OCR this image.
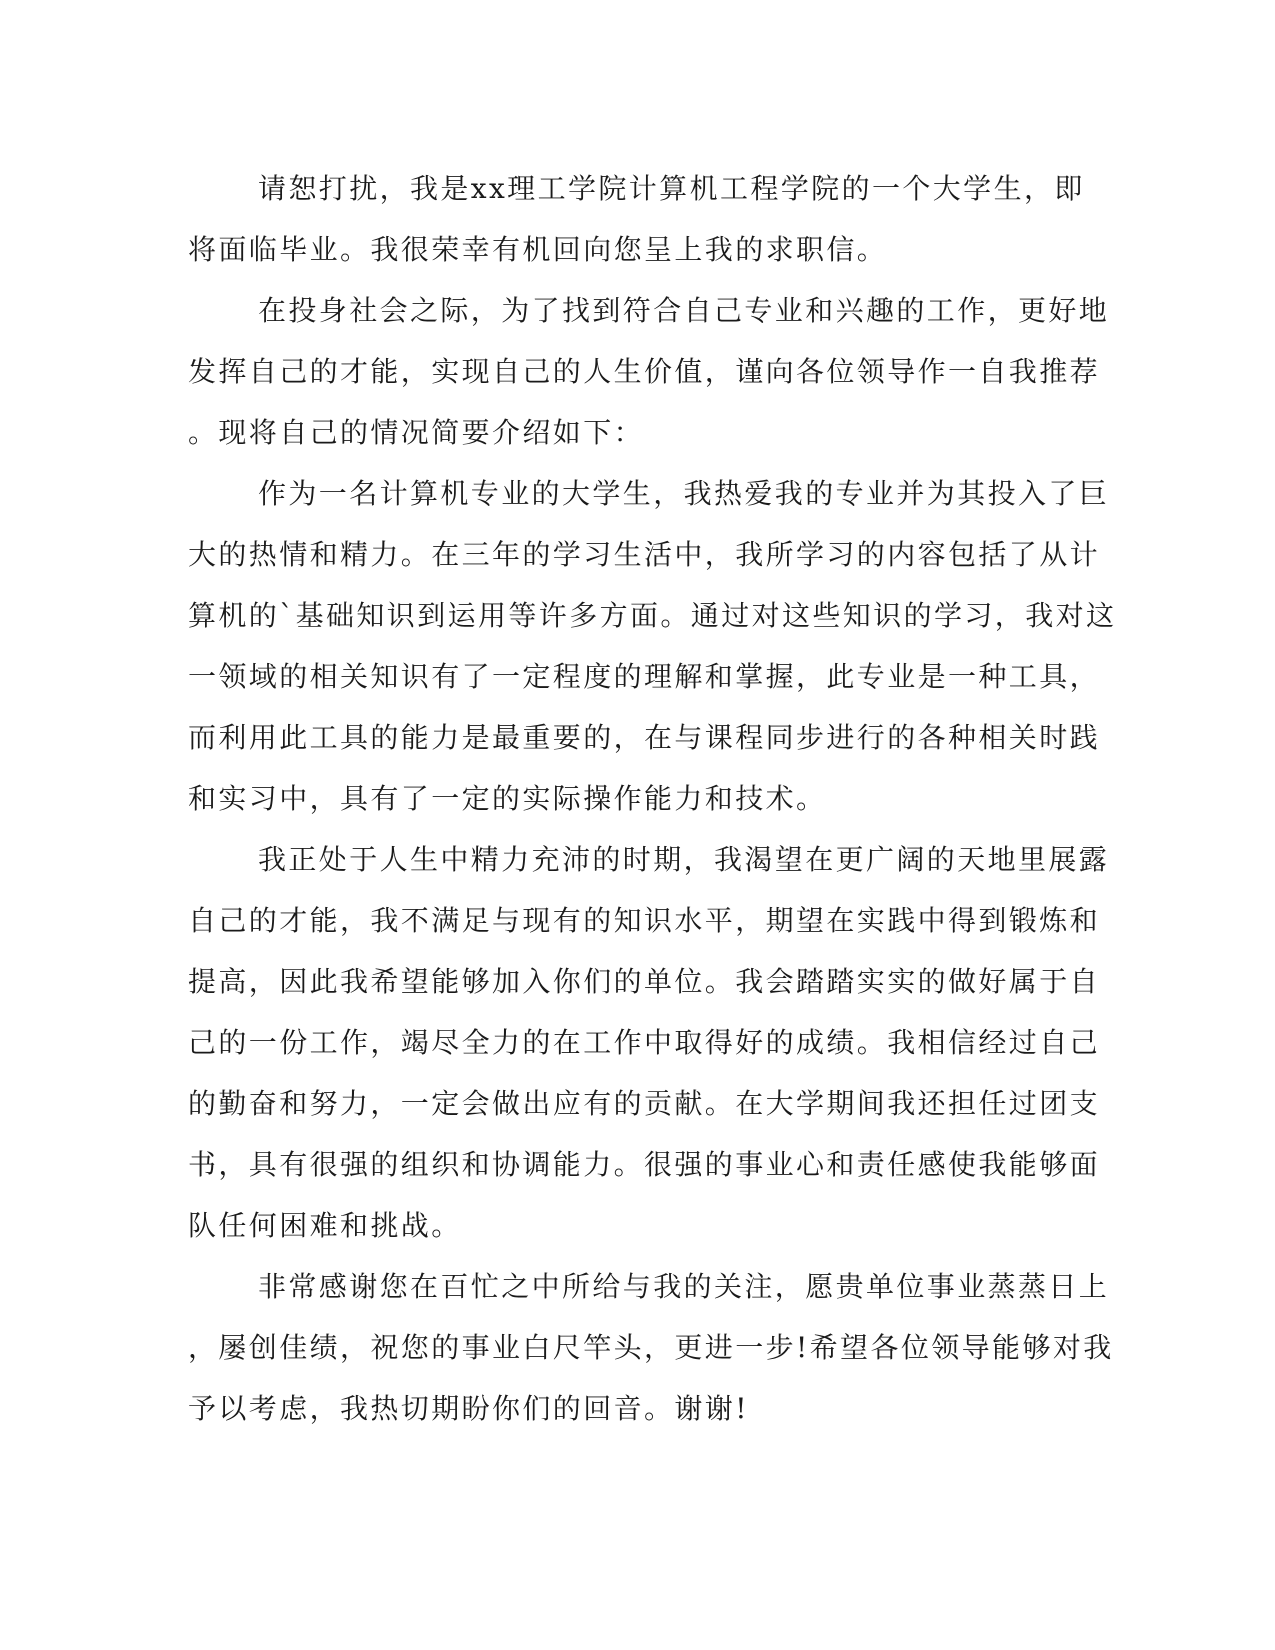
请恕打扰，我是xx理工学院计算机工程学院的一个大学生，即
将面临毕业。我很荣幸有机回向您呈上我的求职信。
在投身社会之际，为了找到符合自己专业和兴趣的工作，更好地
发挥自己的才能，实现自己的人生价值，谨向各位领导作一自我推荐
。现将自己的情况简要介绍如下：
作为一名计算机专业的大学生，我热爱我的专业并为其投入了巨
大的热情和精力。在三年的学习生活中，我所学习的内容包括了从计
算机的`基础知识到运用等许多方面。通过对这些知识的学习，我对这
一领域的相关知识有了一定程度的理解和掌握，此专业是一种工具，
而利用此工具的能力是最重要的，在与课程同步进行的各种相关时践
和实习中，具有了一定的实际操作能力和技术。
我正处于人生中精力充沛的时期，我渴望在更广阔的天地里展露
自己的才能，我不满足与现有的知识水平，期望在实践中得到锻炼和
提高，因此我希望能够加入你们的单位。我会踏踏实实的做好属于自
己的一份工作，竭尽全力的在工作中取得好的成绩。我相信经过自己
的勤奋和努力，一定会做出应有的贡献。在大学期间我还担任过团支
书，具有很强的组织和协调能力。很强的事业心和责任感使我能够面
队任何困难和挑战。
非常感谢您在百忙之中所给与我的关注，愿贵单位事业蒸蒸日上
，屡创佳绩，祝您的事业白尺竿头，更进一步!希望各位领导能够对我
予以考虑，我热切期盼你们的回音。谢谢!
